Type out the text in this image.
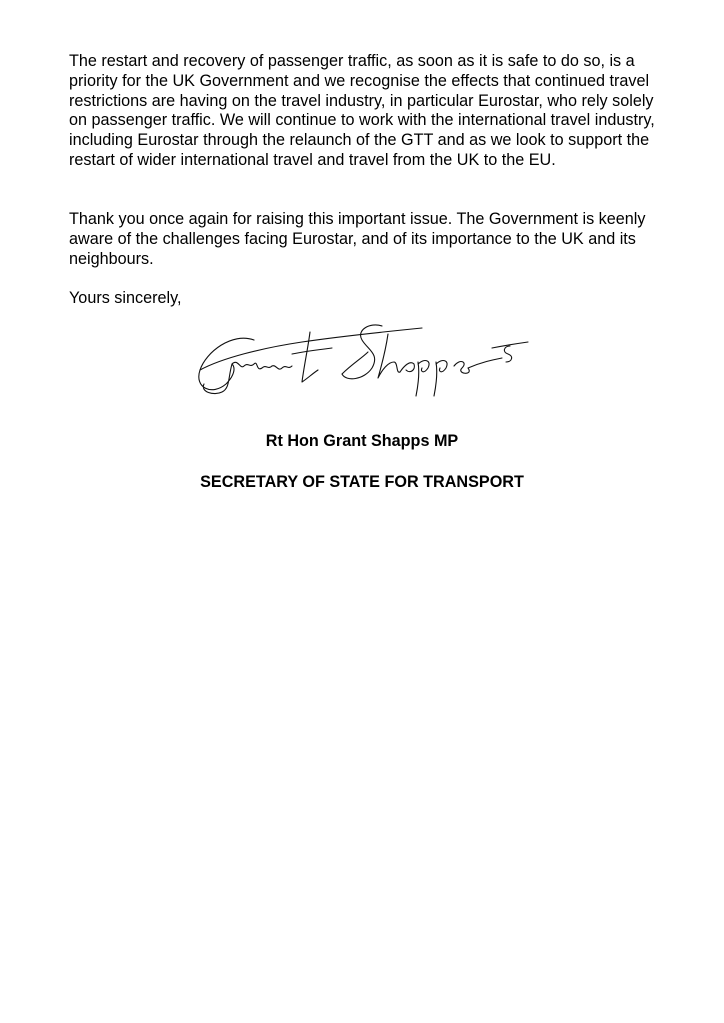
The restart and recovery of passenger traffic, as soon as it is safe to do so, is a priority for the UK Government and we recognise the effects that continued travel restrictions are having on the travel industry, in particular Eurostar, who rely solely on passenger traffic. We will continue to work with the international travel industry, including Eurostar through the relaunch of the GTT and as we look to support the restart of wider international travel and travel from the UK to the EU.

Thank you once again for raising this important issue. The Government is keenly aware of the challenges facing Eurostar, and of its importance to the UK and its neighbours.

Yours sincerely,

Rt Hon Grant Shapps MP

SECRETARY OF STATE FOR TRANSPORT
